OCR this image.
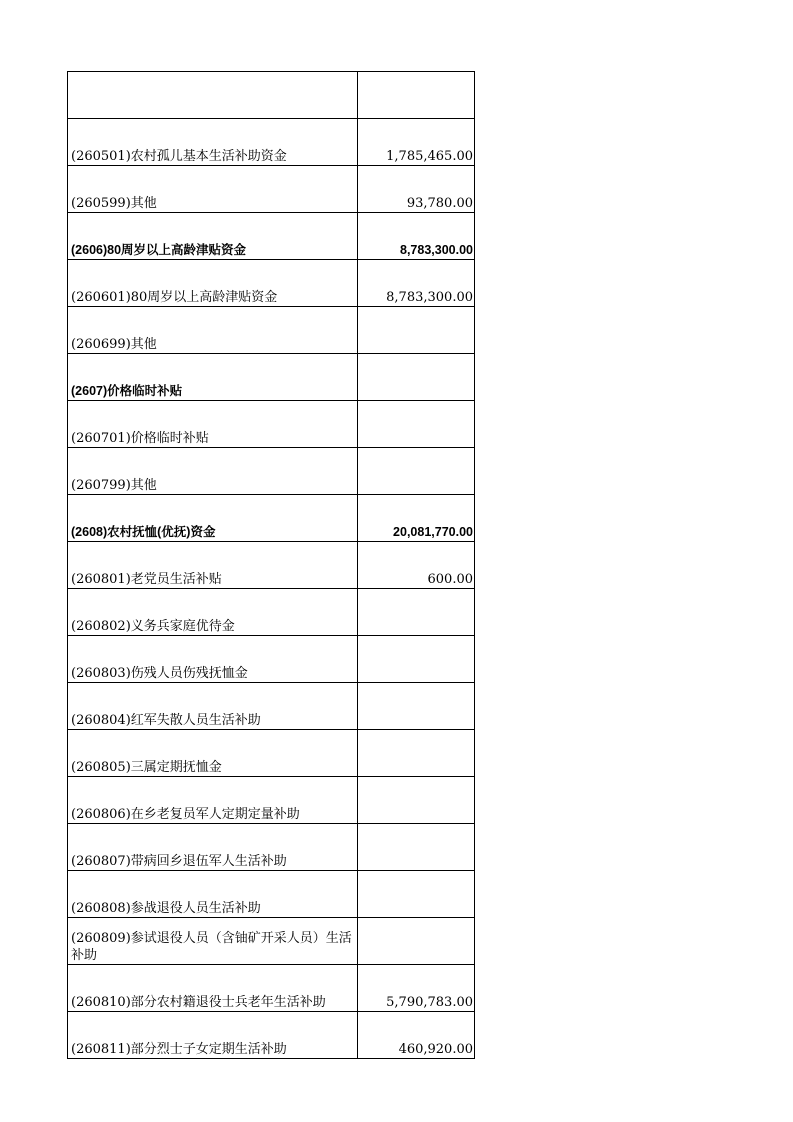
(260501)农村孤儿基本生活补助资金	1,785,465.00
(260599)其他	93,780.00
(2606)80周岁以上高龄津贴资金	8,783,300.00
(260601)80周岁以上高龄津贴资金	8,783,300.00
(260699)其他	
(2607)价格临时补贴	
(260701)价格临时补贴	
(260799)其他	
(2608)农村抚恤(优抚)资金	20,081,770.00
(260801)老党员生活补贴	600.00
(260802)义务兵家庭优待金	
(260803)伤残人员伤残抚恤金	
(260804)红军失散人员生活补助	
(260805)三属定期抚恤金	
(260806)在乡老复员军人定期定量补助	
(260807)带病回乡退伍军人生活补助	
(260808)参战退役人员生活补助	
(260809)参试退役人员（含铀矿开采人员）生活补助	
(260810)部分农村籍退役士兵老年生活补助	5,790,783.00
(260811)部分烈士子女定期生活补助	460,920.00
